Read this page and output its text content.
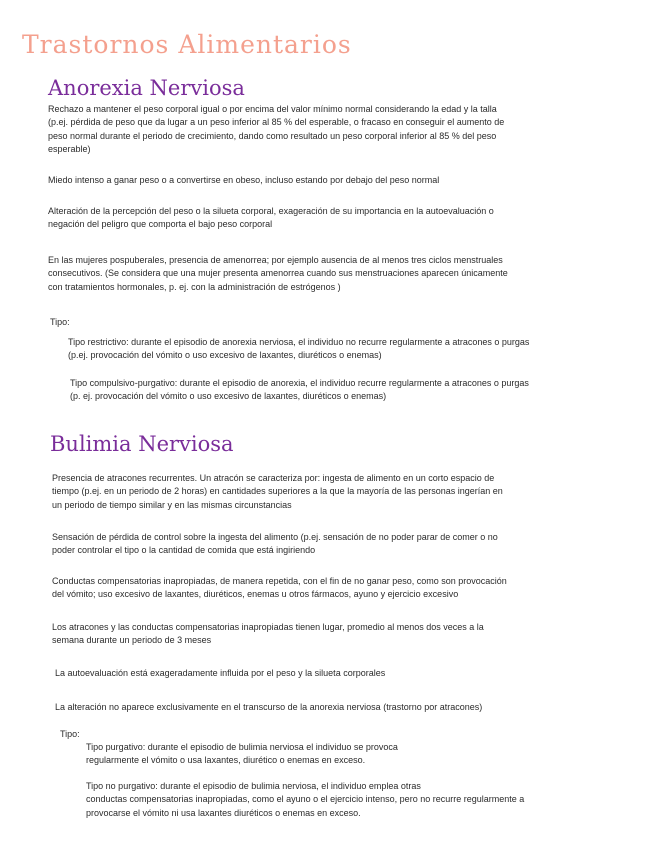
Trastornos Alimentarios
Anorexia Nerviosa
Rechazo a mantener el peso corporal igual o por encima del valor mínimo normal considerando la edad y la talla
(p.ej. pérdida de peso que da lugar a un peso inferior al 85 % del esperable, o fracaso en conseguir el aumento de
peso normal durante el periodo de crecimiento, dando como resultado un peso corporal inferior al 85 % del peso
esperable)
Miedo intenso a ganar peso o a convertirse en obeso, incluso estando por debajo del peso normal
Alteración de la percepción del peso o la silueta corporal, exageración de su importancia en la autoevaluación o
negación del peligro que comporta el bajo peso corporal
En las mujeres pospuberales, presencia de amenorrea; por ejemplo ausencia de al menos tres ciclos menstruales
consecutivos. (Se considera que una mujer presenta amenorrea cuando sus menstruaciones aparecen únicamente
con tratamientos hormonales, p. ej. con la administración de estrógenos )
Tipo:
Tipo restrictivo: durante el episodio de anorexia nerviosa, el individuo no recurre regularmente a atracones o purgas
(p.ej. provocación del vómito o uso excesivo de laxantes, diuréticos o enemas)
Tipo compulsivo-purgativo: durante el episodio de anorexia, el individuo recurre regularmente a atracones o purgas
(p. ej. provocación del vómito o uso excesivo de laxantes, diuréticos o enemas)
Bulimia Nerviosa
Presencia de atracones recurrentes. Un atracón se caracteriza por: ingesta de alimento en un corto espacio de
tiempo (p.ej. en un periodo de 2 horas) en cantidades superiores a la que la mayoría de las personas ingerían en
un periodo de tiempo similar y en las mismas circunstancias
Sensación de pérdida de control sobre la ingesta del alimento (p.ej. sensación de no poder parar de comer o no
poder controlar el tipo o la cantidad de comida que está ingiriendo
Conductas compensatorias inapropiadas, de manera repetida, con el fin de no ganar peso, como son provocación
del vómito; uso excesivo de laxantes, diuréticos, enemas u otros fármacos, ayuno y ejercicio excesivo
Los atracones y las conductas compensatorias inapropiadas tienen lugar, promedio al menos dos veces a la
semana durante un periodo de 3 meses
La autoevaluación está exageradamente influida por el peso y la silueta corporales
La alteración no aparece exclusivamente en el transcurso de la anorexia nerviosa (trastorno por atracones)
Tipo:
Tipo purgativo: durante el episodio de bulimia nerviosa el individuo se provoca
regularmente el vómito o usa laxantes, diurético o enemas en exceso.
Tipo no purgativo: durante el episodio de bulimia nerviosa, el individuo emplea otras
conductas compensatorias inapropiadas, como el ayuno o el ejercicio intenso, pero no recurre regularmente a
provocarse el vómito ni usa laxantes diuréticos o enemas en exceso.
